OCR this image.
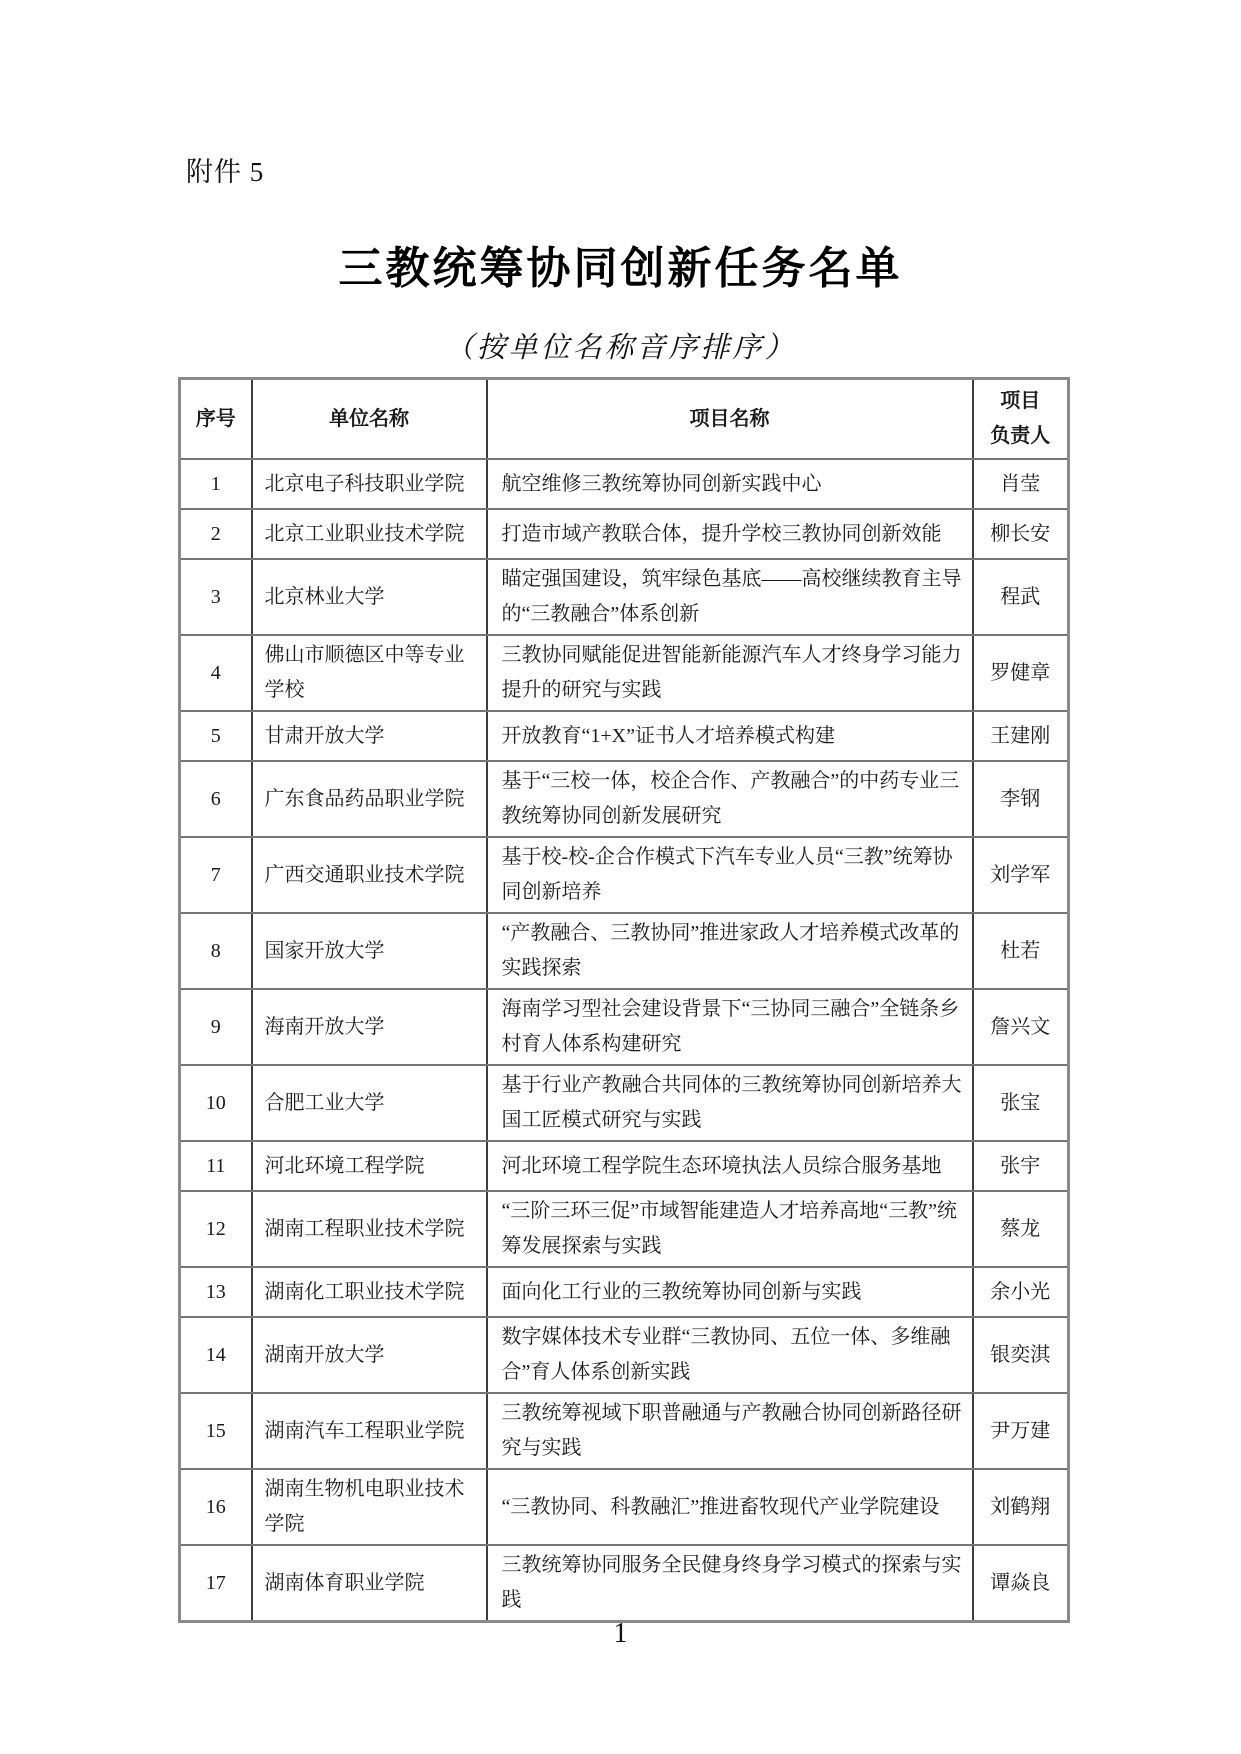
附件 5
三教统筹协同创新任务名单
（按单位名称音序排序）
序号	单位名称	项目名称	项目
负责人
1	北京电子科技职业学院	航空维修三教统筹协同创新实践中心	肖莹
2	北京工业职业技术学院	打造市域产教联合体，提升学校三教协同创新效能	柳长安
3	北京林业大学	瞄定强国建设，筑牢绿色基底——高校继续教育主导的“三教融合”体系创新	程武
4	佛山市顺德区中等专业学校	三教协同赋能促进智能新能源汽车人才终身学习能力提升的研究与实践	罗健章
5	甘肃开放大学	开放教育“1+X”证书人才培养模式构建	王建刚
6	广东食品药品职业学院	基于“三校一体，校企合作、产教融合”的中药专业三教统筹协同创新发展研究	李钢
7	广西交通职业技术学院	基于校-校-企合作模式下汽车专业人员“三教”统筹协同创新培养	刘学军
8	国家开放大学	“产教融合、三教协同”推进家政人才培养模式改革的实践探索	杜若
9	海南开放大学	海南学习型社会建设背景下“三协同三融合”全链条乡村育人体系构建研究	詹兴文
10	合肥工业大学	基于行业产教融合共同体的三教统筹协同创新培养大国工匠模式研究与实践	张宝
11	河北环境工程学院	河北环境工程学院生态环境执法人员综合服务基地	张宇
12	湖南工程职业技术学院	“三阶三环三促”市域智能建造人才培养高地“三教”统筹发展探索与实践	蔡龙
13	湖南化工职业技术学院	面向化工行业的三教统筹协同创新与实践	余小光
14	湖南开放大学	数字媒体技术专业群“三教协同、五位一体、多维融合”育人体系创新实践	银奕淇
15	湖南汽车工程职业学院	三教统筹视域下职普融通与产教融合协同创新路径研究与实践	尹万建
16	湖南生物机电职业技术学院	“三教协同、科教融汇”推进畜牧现代产业学院建设	刘鹤翔
17	湖南体育职业学院	三教统筹协同服务全民健身终身学习模式的探索与实践	谭焱良
1
